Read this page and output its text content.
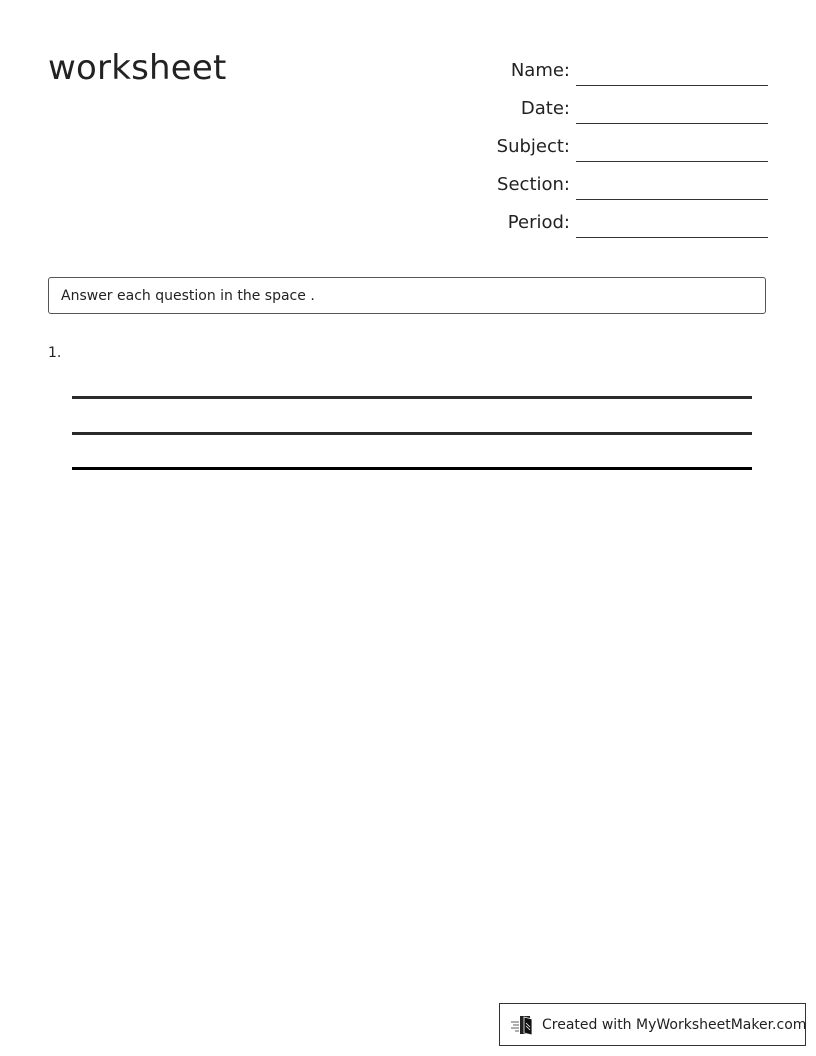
worksheet	Name:
Date:
Subject:
Section:
Period:
Answer each question in the space .
1.
Created with MyWorksheetMaker.com
